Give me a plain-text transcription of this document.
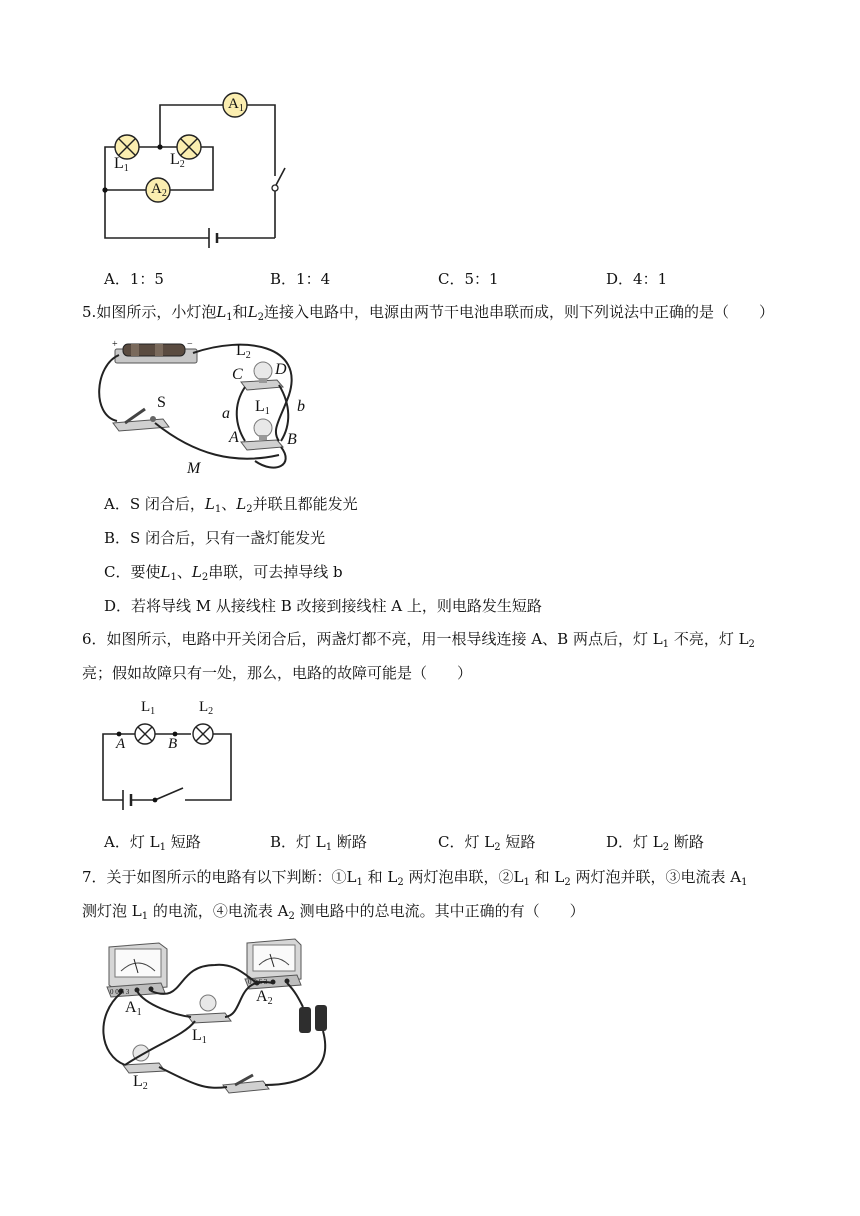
$A_1$
$A_2$
$L_1$
$L_2$
A．1：5	B．1：4	C．5：1	D．4：1
5.如图所示，小灯泡$L_1$和$L_2$连接入电路中，电源由两节干电池串联而成，则下列说法中正确的是（　　）
+	−
S
$L_2$
$L_1$
C D
a	b
A	B
M
A．S 闭合后，$L_1$、$L_2$并联且都能发光
B．S 闭合后，只有一盏灯能发光
C．要使$L_1$、$L_2$串联，可去掉导线 b
D．若将导线 M 从接线柱 B 改接到接线柱 A 上，则电路发生短路
6．如图所示，电路中开关闭合后，两盏灯都不亮，用一根导线连接 A、B 两点后，灯 $L_1$ 不亮，灯 $L_2$
亮；假如故障只有一处，那么，电路的故障可能是（　　）
$L_1$	$L_2$
A	B
A．灯 $L_1$ 短路	B．灯 $L_1$ 断路	C．灯 $L_2$ 短路	D．灯 $L_2$ 断路
7．关于如图所示的电路有以下判断：$①L_1$ 和 $L_2$ 两灯泡串联，$②L_1$ 和 $L_2$ 两灯泡并联，③电流表 $A_1$
测灯泡 $L_1$ 的电流，④电流表 $A_2$ 测电路中的总电流。其中正确的有（　　）
0 0.6 3
0 0.6 3
$A_1$
$A_2$
$L_1$
$L_2$
